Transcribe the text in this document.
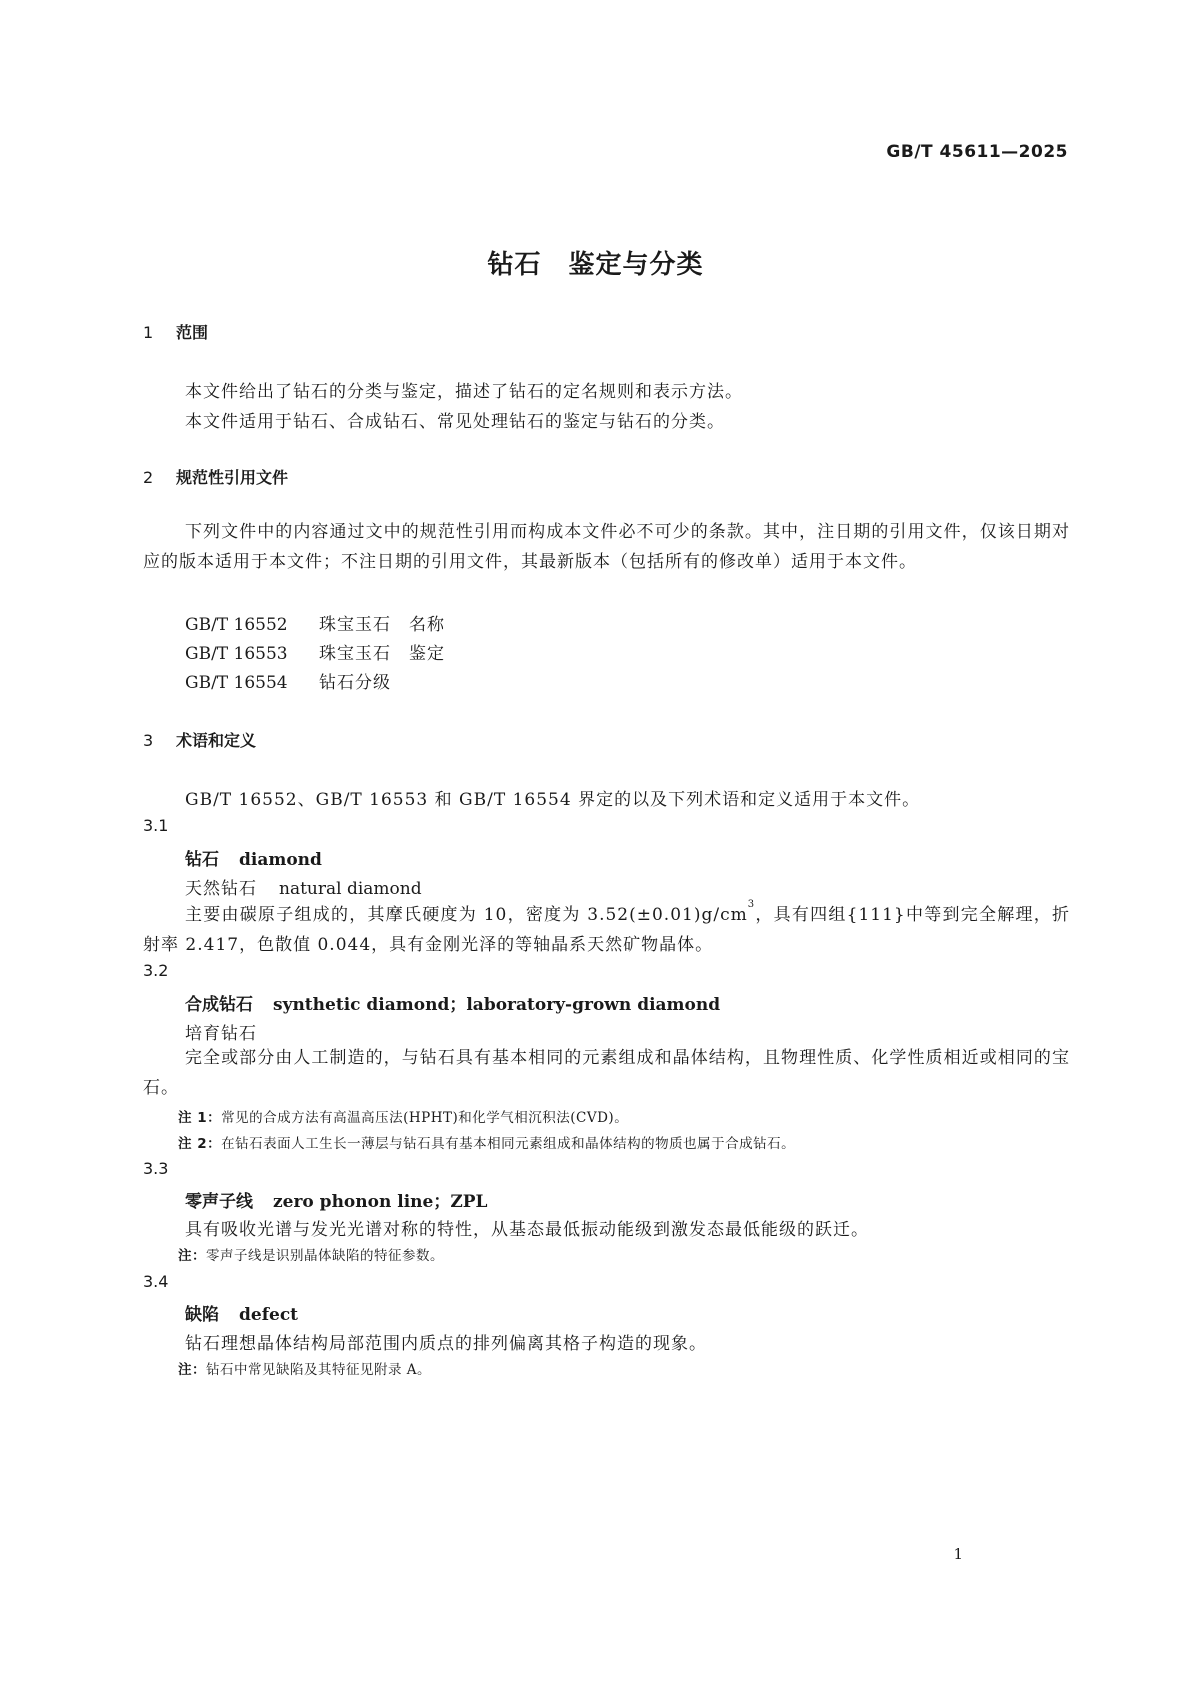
GB/T 45611—2025
钻石　鉴定与分类
1 范围
本文件给出了钻石的分类与鉴定，描述了钻石的定名规则和表示方法。
本文件适用于钻石、合成钻石、常见处理钻石的鉴定与钻石的分类。
2 规范性引用文件
下列文件中的内容通过文中的规范性引用而构成本文件必不可少的条款。其中，注日期的引用文件，仅该日期对应的版本适用于本文件；不注日期的引用文件，其最新版本（包括所有的修改单）适用于本文件。
GB/T 16552 珠宝玉石　名称
GB/T 16553 珠宝玉石　鉴定
GB/T 16554 钻石分级
3 术语和定义
GB/T 16552、GB/T 16553 和 GB/T 16554 界定的以及下列术语和定义适用于本文件。
3.1
钻石 diamond
天然钻石 natural diamond
主要由碳原子组成的，其摩氏硬度为 10，密度为 $3.52(\pm 0.01)g/cm^3$，具有四组{111}中等到完全解理，折射率 2.417，色散值 0.044，具有金刚光泽的等轴晶系天然矿物晶体。
3.2
合成钻石 synthetic diamond；laboratory-grown diamond
培育钻石
完全或部分由人工制造的，与钻石具有基本相同的元素组成和晶体结构，且物理性质、化学性质相近或相同的宝石。
注 1：常见的合成方法有高温高压法(HPHT)和化学气相沉积法(CVD)。
注 2：在钻石表面人工生长一薄层与钻石具有基本相同元素组成和晶体结构的物质也属于合成钻石。
3.3
零声子线 zero phonon line；ZPL
具有吸收光谱与发光光谱对称的特性，从基态最低振动能级到激发态最低能级的跃迁。
注：零声子线是识别晶体缺陷的特征参数。
3.4
缺陷 defect
钻石理想晶体结构局部范围内质点的排列偏离其格子构造的现象。
注：钻石中常见缺陷及其特征见附录 A。
1
